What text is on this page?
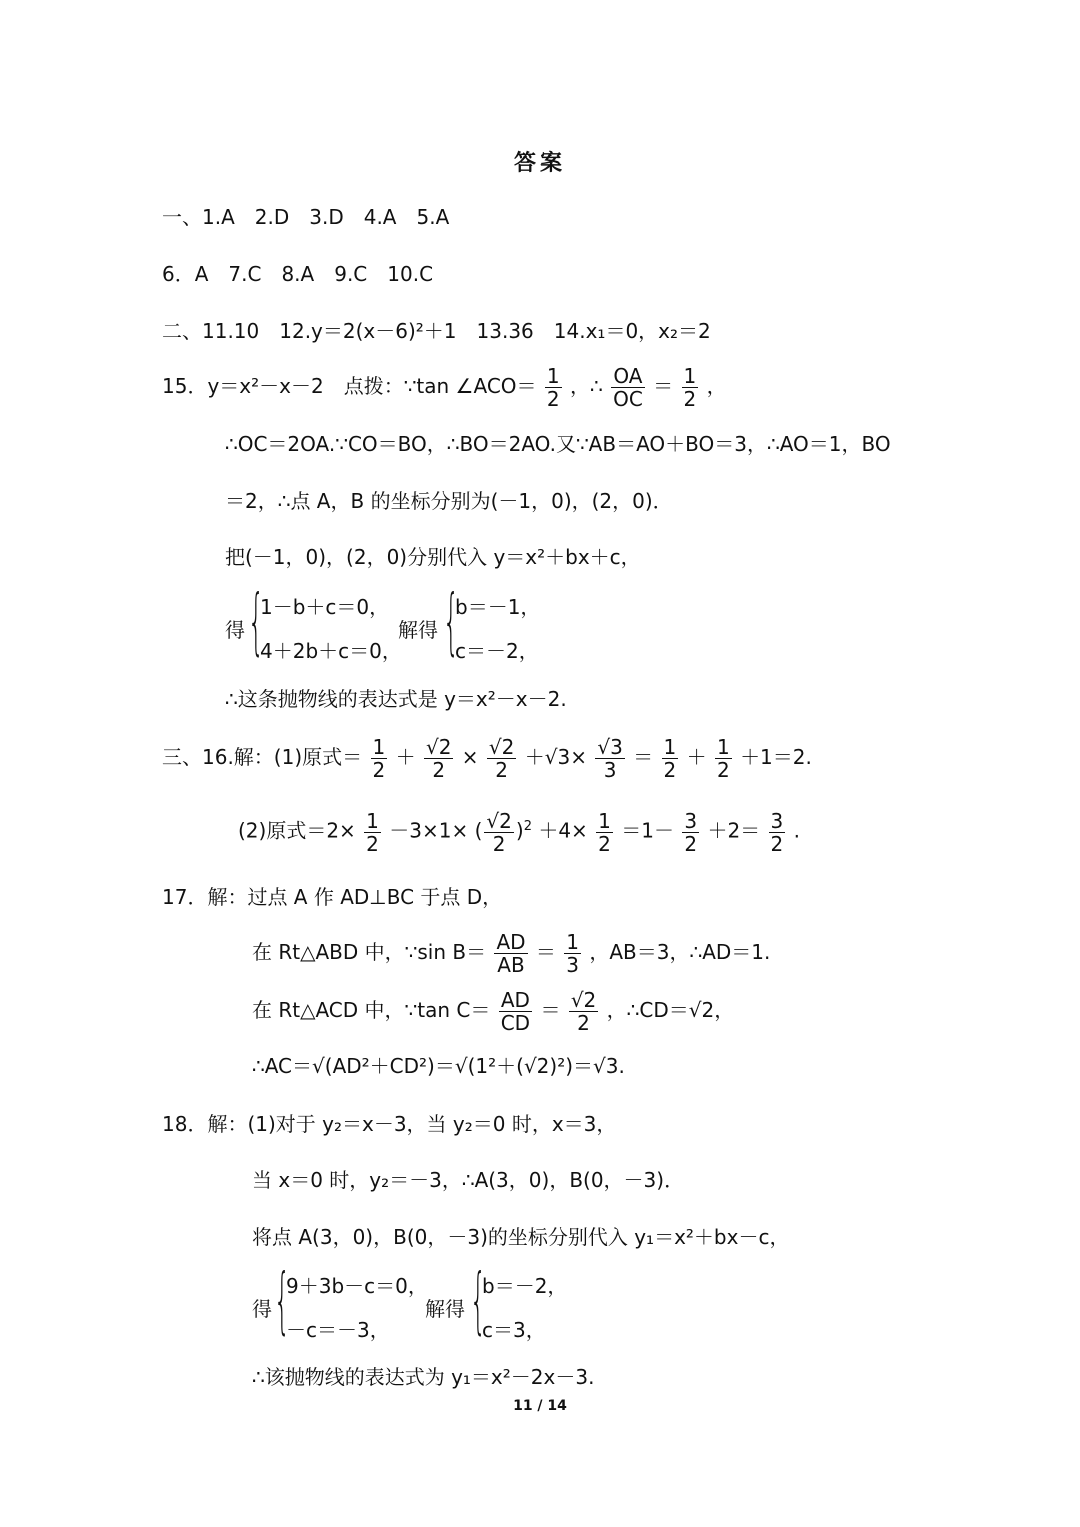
答案
一、1.A　2.D　3.D　4.A　5.A
6．A　7.C　8.A　9.C　10.C
二、11.10　12.y＝2(x－6)²＋1　13.36　14.x₁＝0，x₂＝2
15．y＝x²－x－2　点拨：∵tan ∠ACO＝ $\frac{1}{2}$ ，∴ $\frac{OA}{OC} = \frac{1}{2}$ ，
∴OC＝2OA.∵CO＝BO，∴BO＝2AO.又∵AB＝AO＋BO＝3，∴AO＝1，BO
＝2，∴点 A，B 的坐标分别为(－1，0)，(2，0)．
把(－1，0)，(2，0)分别代入 y＝x²＋bx＋c，
得 {
1－b＋c＝0，
4＋2b＋c＝0，
解得 {
b＝－1，
c＝－2，
∴这条抛物线的表达式是 y＝x²－x－2.
三、16.解：(1)原式＝ $\frac{1}{2} + \frac{√2}{2} \times \frac{√2}{2} +√3\times \frac{√3}{3} = \frac{1}{2} + \frac{1}{2} +1=2$.
(2)原式$=2\times \frac{1}{2} -3\times 1\times$ ( $\frac{√2}{2} )^2 +4\times \frac{1}{2} =1- \frac{3}{2} +2= \frac{3}{2}$ .
17．解：过点 A 作 AD⊥BC 于点 D，
在 Rt△ABD 中，∵sin $B= \frac{AD}{AB} = \frac{1}{3}$ ，AB＝3，∴AD＝1.
在 Rt△ACD 中，∵tan $C= \frac{AD}{CD} = \frac{√2}{2}$ ，∴CD＝√2，
∴AC＝√(AD²＋CD²)＝√(1²＋(√2)²)＝√3.
18．解：(1)对于 y₂＝x－3，当 y₂＝0 时，x＝3，
当 x＝0 时，y₂＝－3，∴A(3，0)，B(0，－3)．
将点 A(3，0)，B(0，－3)的坐标分别代入 y₁＝x²＋bx－c，
得 {
9＋3b－c＝0，
－c＝－3，
解得 {
b＝－2，
c＝3，
∴该抛物线的表达式为 y₁＝x²－2x－3.
11 / 14
